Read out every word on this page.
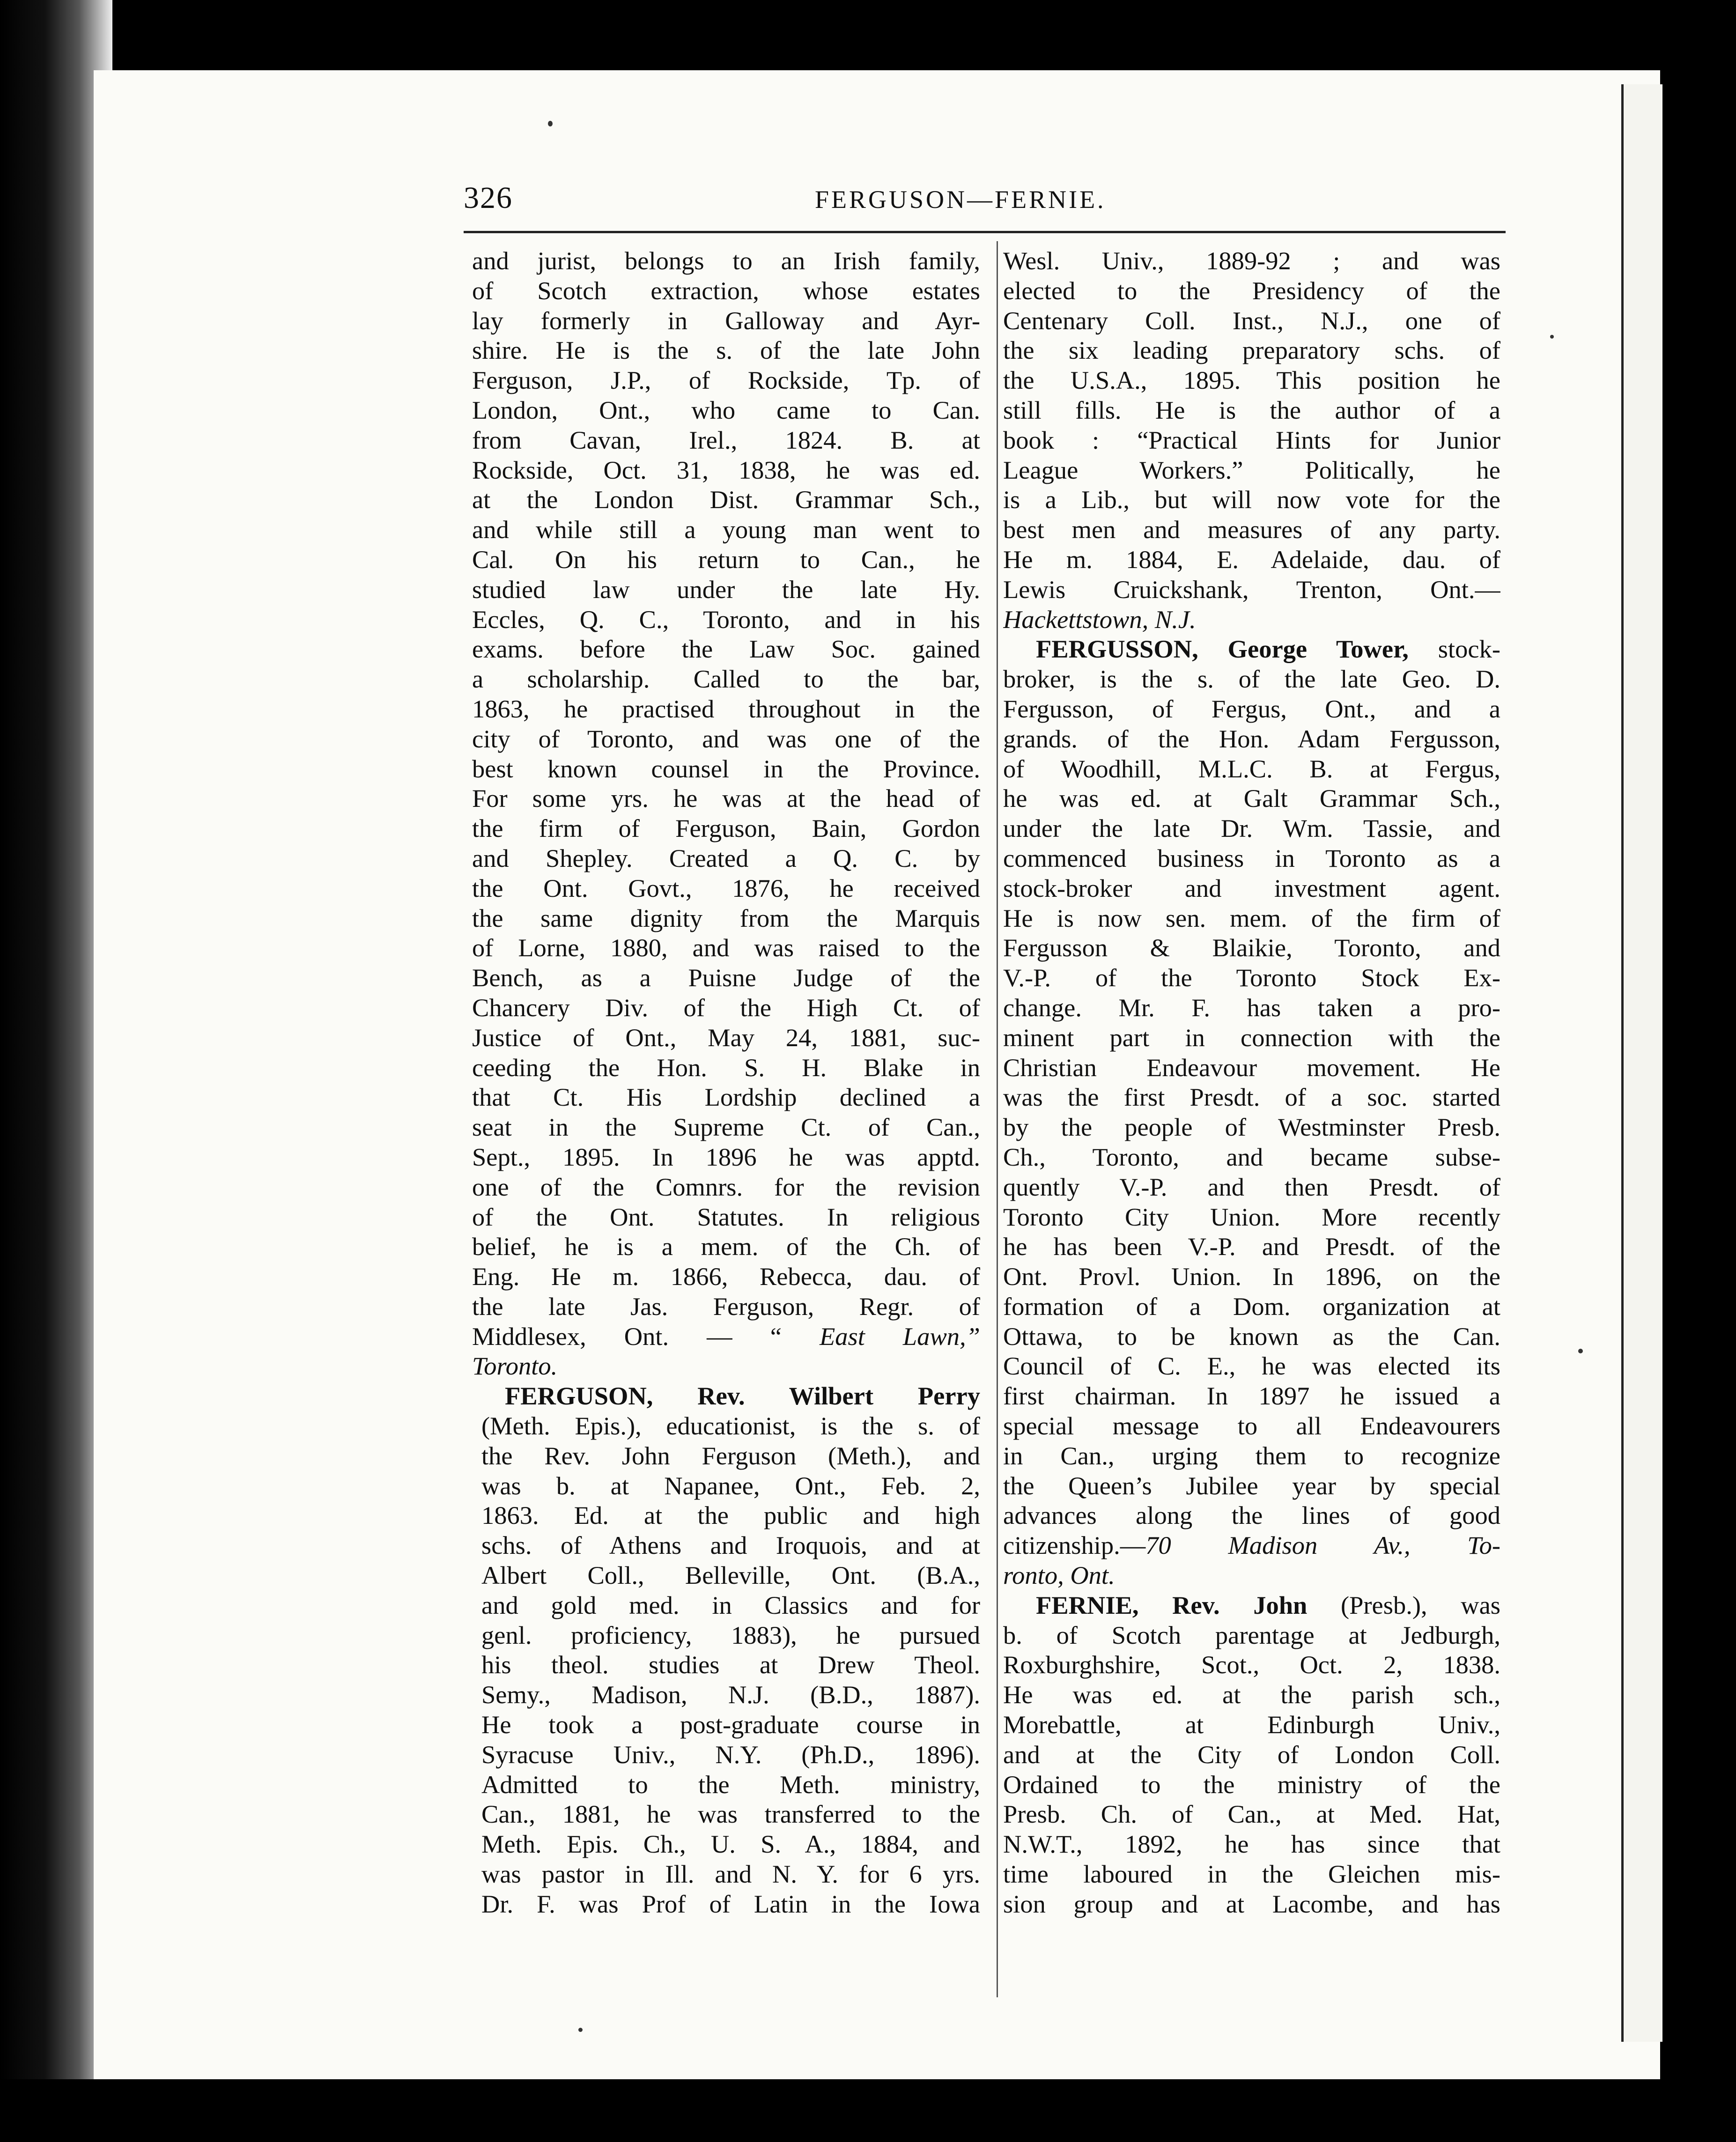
326	FERGUSON—FERNIE.
and jurist, belongs to an Irish family,
of Scotch extraction, whose estates
lay formerly in Galloway and Ayr-
shire. He is the s. of the late John
Ferguson, J.P., of Rockside, Tp. of
London, Ont., who came to Can.
from Cavan, Irel., 1824. B. at
Rockside, Oct. 31, 1838, he was ed.
at the London Dist. Grammar Sch.,
and while still a young man went to
Cal. On his return to Can., he
studied law under the late Hy.
Eccles, Q. C., Toronto, and in his
exams. before the Law Soc. gained
a scholarship. Called to the bar,
1863, he practised throughout in the
city of Toronto, and was one of the
best known counsel in the Province.
For some yrs. he was at the head of
the firm of Ferguson, Bain, Gordon
and Shepley. Created a Q. C. by
the Ont. Govt., 1876, he received
the same dignity from the Marquis
of Lorne, 1880, and was raised to the
Bench, as a Puisne Judge of the
Chancery Div. of the High Ct. of
Justice of Ont., May 24, 1881, suc-
ceeding the Hon. S. H. Blake in
that Ct. His Lordship declined a
seat in the Supreme Ct. of Can.,
Sept., 1895. In 1896 he was apptd.
one of the Comnrs. for the revision
of the Ont. Statutes. In religious
belief, he is a mem. of the Ch. of
Eng. He m. 1866, Rebecca, dau. of
the late Jas. Ferguson, Regr. of
Middlesex, Ont. — “ East Lawn,”
Toronto.
FERGUSON, Rev. Wilbert Perry
(Meth. Epis.), educationist, is the s. of
the Rev. John Ferguson (Meth.), and
was b. at Napanee, Ont., Feb. 2,
1863. Ed. at the public and high
schs. of Athens and Iroquois, and at
Albert Coll., Belleville, Ont. (B.A.,
and gold med. in Classics and for
genl. proficiency, 1883), he pursued
his theol. studies at Drew Theol.
Semy., Madison, N.J. (B.D., 1887).
He took a post-graduate course in
Syracuse Univ., N.Y. (Ph.D., 1896).
Admitted to the Meth. ministry,
Can., 1881, he was transferred to the
Meth. Epis. Ch., U. S. A., 1884, and
was pastor in Ill. and N. Y. for 6 yrs.
Dr. F. was Prof of Latin in the Iowa
Wesl. Univ., 1889-92 ; and was
elected to the Presidency of the
Centenary Coll. Inst., N.J., one of
the six leading preparatory schs. of
the U.S.A., 1895. This position he
still fills. He is the author of a
book : “Practical Hints for Junior
League Workers.” Politically, he
is a Lib., but will now vote for the
best men and measures of any party.
He m. 1884, E. Adelaide, dau. of
Lewis Cruickshank, Trenton, Ont.—
Hackettstown, N.J.
FERGUSSON, George Tower, stock-
broker, is the s. of the late Geo. D.
Fergusson, of Fergus, Ont., and a
grands. of the Hon. Adam Fergusson,
of Woodhill, M.L.C. B. at Fergus,
he was ed. at Galt Grammar Sch.,
under the late Dr. Wm. Tassie, and
commenced business in Toronto as a
stock-broker and investment agent.
He is now sen. mem. of the firm of
Fergusson & Blaikie, Toronto, and
V.-P. of the Toronto Stock Ex-
change. Mr. F. has taken a pro-
minent part in connection with the
Christian Endeavour movement. He
was the first Presdt. of a soc. started
by the people of Westminster Presb.
Ch., Toronto, and became subse-
quently V.-P. and then Presdt. of
Toronto City Union. More recently
he has been V.-P. and Presdt. of the
Ont. Provl. Union. In 1896, on the
formation of a Dom. organization at
Ottawa, to be known as the Can.
Council of C. E., he was elected its
first chairman. In 1897 he issued a
special message to all Endeavourers
in Can., urging them to recognize
the Queen’s Jubilee year by special
advances along the lines of good
citizenship.—70 Madison Av., To-
ronto, Ont.
FERNIE, Rev. John (Presb.), was
b. of Scotch parentage at Jedburgh,
Roxburghshire, Scot., Oct. 2, 1838.
He was ed. at the parish sch.,
Morebattle, at Edinburgh Univ.,
and at the City of London Coll.
Ordained to the ministry of the
Presb. Ch. of Can., at Med. Hat,
N.W.T., 1892, he has since that
time laboured in the Gleichen mis-
sion group and at Lacombe, and has
